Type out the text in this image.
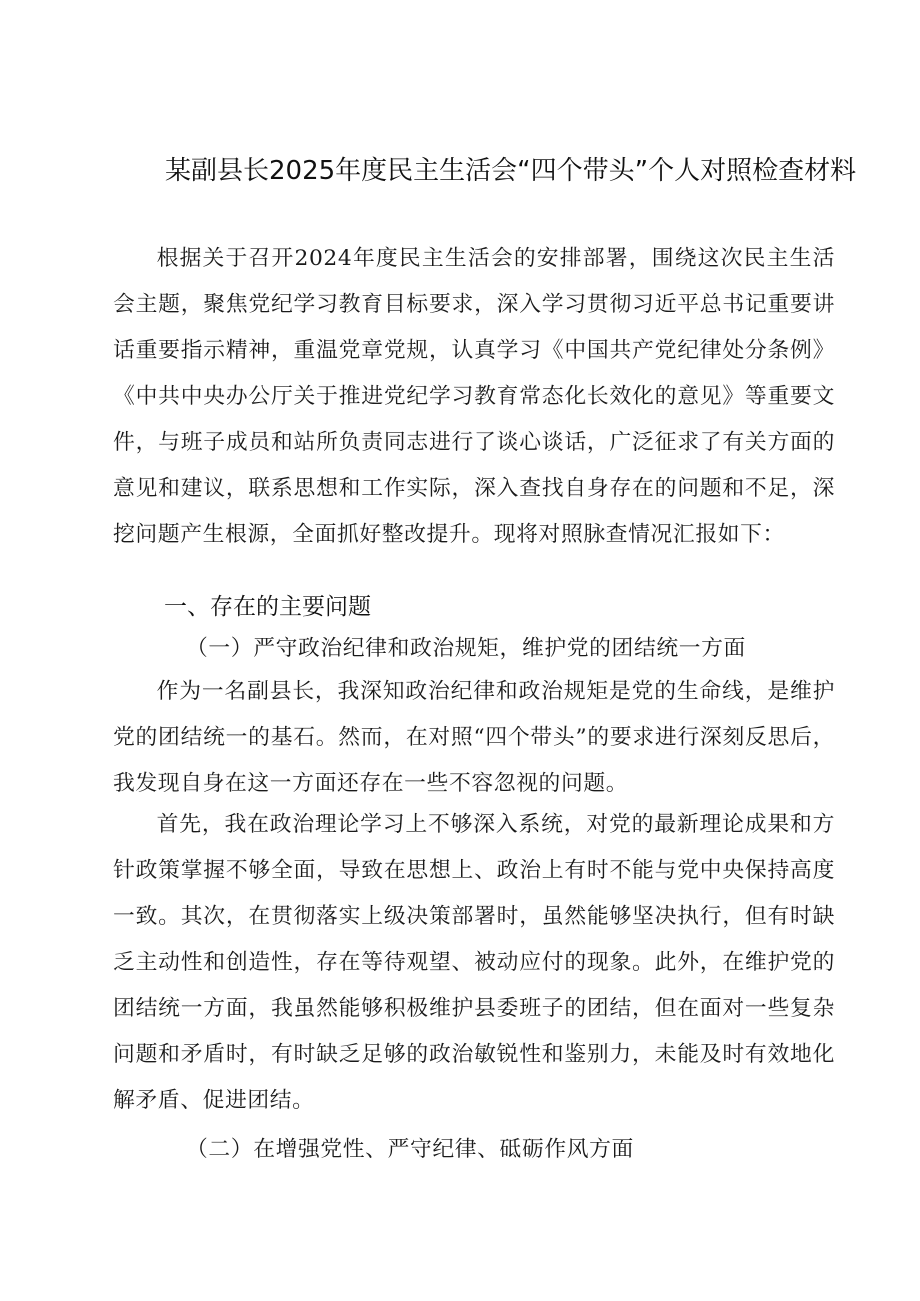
某副县长2025年度民主生活会“四个带头”个人对照检查材料

根据关于召开2024年度民主生活会的安排部署，围绕这次民主生活会主题，聚焦党纪学习教育目标要求，深入学习贯彻习近平总书记重要讲话重要指示精神，重温党章党规，认真学习《中国共产党纪律处分条例》《中共中央办公厅关于推进党纪学习教育常态化长效化的意见》等重要文件，与班子成员和站所负责同志进行了谈心谈话，广泛征求了有关方面的意见和建议，联系思想和工作实际，深入查找自身存在的问题和不足，深挖问题产生根源，全面抓好整改提升。现将对照脉查情况汇报如下：

一、存在的主要问题
（一）严守政治纪律和政治规矩，维护党的团结统一方面

作为一名副县长，我深知政治纪律和政治规矩是党的生命线，是维护党的团结统一的基石。然而，在对照“四个带头”的要求进行深刻反思后，我发现自身在这一方面还存在一些不容忽视的问题。

首先，我在政治理论学习上不够深入系统，对党的最新理论成果和方针政策掌握不够全面，导致在思想上、政治上有时不能与党中央保持高度一致。其次，在贯彻落实上级决策部署时，虽然能够坚决执行，但有时缺乏主动性和创造性，存在等待观望、被动应付的现象。此外，在维护党的团结统一方面，我虽然能够积极维护县委班子的团结，但在面对一些复杂问题和矛盾时，有时缺乏足够的政治敏锐性和鉴别力，未能及时有效地化解矛盾、促进团结。

（二）在增强党性、严守纪律、砥砺作风方面
